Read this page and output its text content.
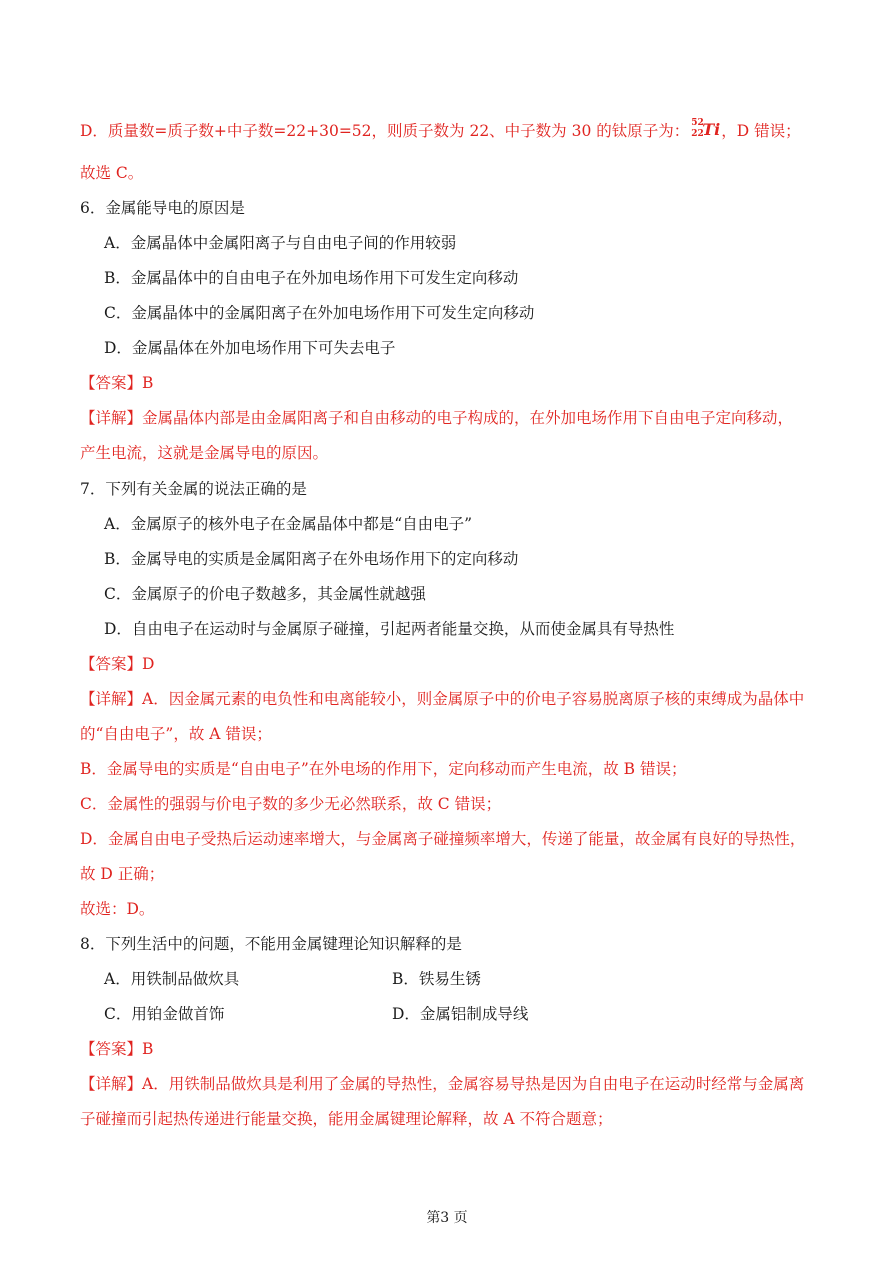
D．质量数=质子数+中子数=22+30=52，则质子数为 22、中子数为 30 的钛原子为： 52
22
Ti ，D 错误；
故选 C。
6．金属能导电的原因是
A．金属晶体中金属阳离子与自由电子间的作用较弱
B．金属晶体中的自由电子在外加电场作用下可发生定向移动
C．金属晶体中的金属阳离子在外加电场作用下可发生定向移动
D．金属晶体在外加电场作用下可失去电子
【答案】B
【详解】金属晶体内部是由金属阳离子和自由移动的电子构成的，在外加电场作用下自由电子定向移动，
产生电流，这就是金属导电的原因。
7．下列有关金属的说法正确的是
A．金属原子的核外电子在金属晶体中都是“自由电子”
B．金属导电的实质是金属阳离子在外电场作用下的定向移动
C．金属原子的价电子数越多，其金属性就越强
D．自由电子在运动时与金属原子碰撞，引起两者能量交换，从而使金属具有导热性
【答案】D
【详解】A．因金属元素的电负性和电离能较小，则金属原子中的价电子容易脱离原子核的束缚成为晶体中
的“自由电子”，故 A 错误；
B．金属导电的实质是“自由电子”在外电场的作用下，定向移动而产生电流，故 B 错误；
C．金属性的强弱与价电子数的多少无必然联系，故 C 错误；
D．金属自由电子受热后运动速率增大，与金属离子碰撞频率增大，传递了能量，故金属有良好的导热性，
故 D 正确；
故选：D。
8．下列生活中的问题，不能用金属键理论知识解释的是
A．用铁制品做炊具	B．铁易生锈
C．用铂金做首饰	D．金属铝制成导线
【答案】B
【详解】A．用铁制品做炊具是利用了金属的导热性，金属容易导热是因为自由电子在运动时经常与金属离
子碰撞而引起热传递进行能量交换，能用金属键理论解释，故 A 不符合题意；
第3 页
